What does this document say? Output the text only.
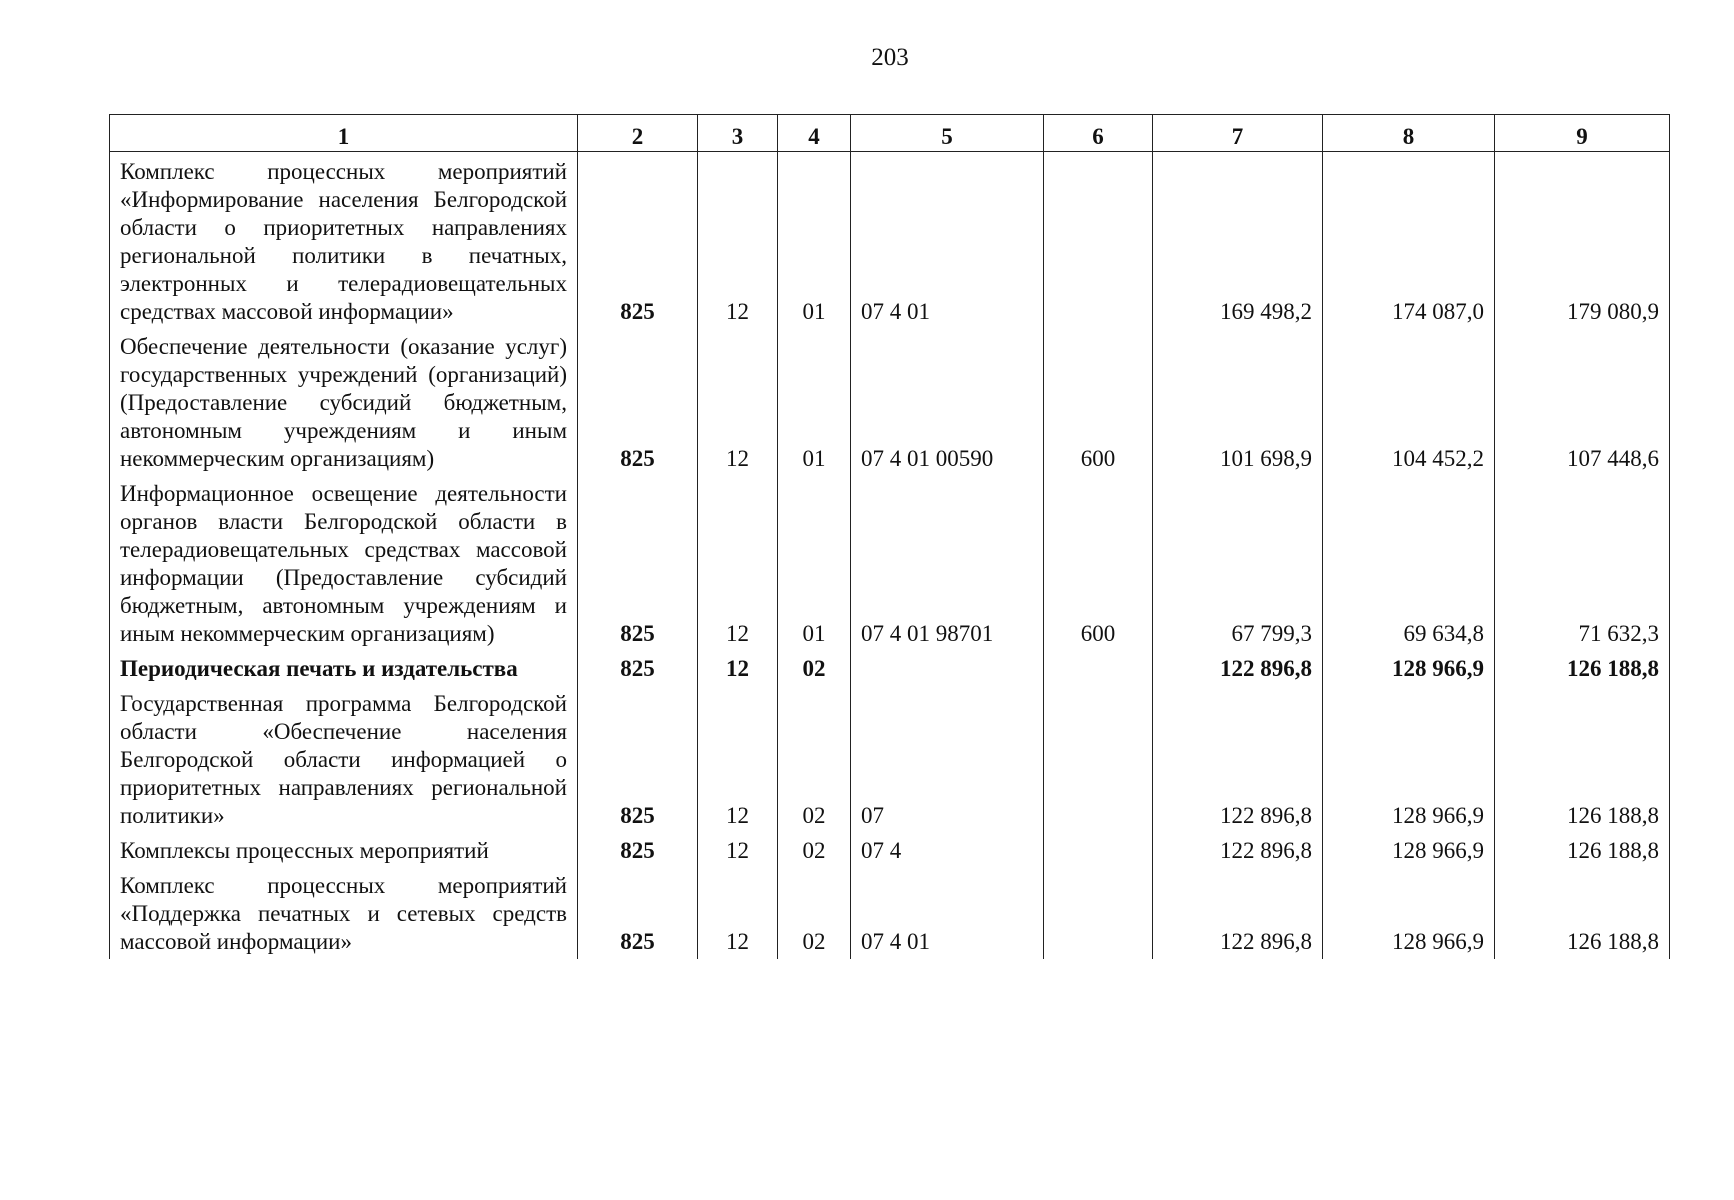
203
1	2	3	4	5	6	7	8	9
Комплекс процессных мероприятий «Информирование населения Белгородской области о приоритетных направлениях региональной политики в печатных, электронных и телерадиовещательных средствах массовой информации»	825	12	01	07 4 01		169 498,2	174 087,0	179 080,9
Обеспечение деятельности (оказание услуг) государственных учреждений (организаций) (Предоставление субсидий бюджетным, автономным учреждениям и иным некоммерческим организациям)	825	12	01	07 4 01 00590	600	101 698,9	104 452,2	107 448,6
Информационное освещение деятельности органов власти Белгородской области в телерадиовещательных средствах массовой информации (Предоставление субсидий бюджетным, автономным учреждениям и иным некоммерческим организациям)	825	12	01	07 4 01 98701	600	67 799,3	69 634,8	71 632,3
Периодическая печать и издательства	825	12	02			122 896,8	128 966,9	126 188,8
Государственная программа Белгородской области «Обеспечение населения Белгородской области информацией о приоритетных направлениях региональной политики»	825	12	02	07		122 896,8	128 966,9	126 188,8
Комплексы процессных мероприятий	825	12	02	07 4		122 896,8	128 966,9	126 188,8
Комплекс процессных мероприятий «Поддержка печатных и сетевых средств массовой информации»	825	12	02	07 4 01		122 896,8	128 966,9	126 188,8
